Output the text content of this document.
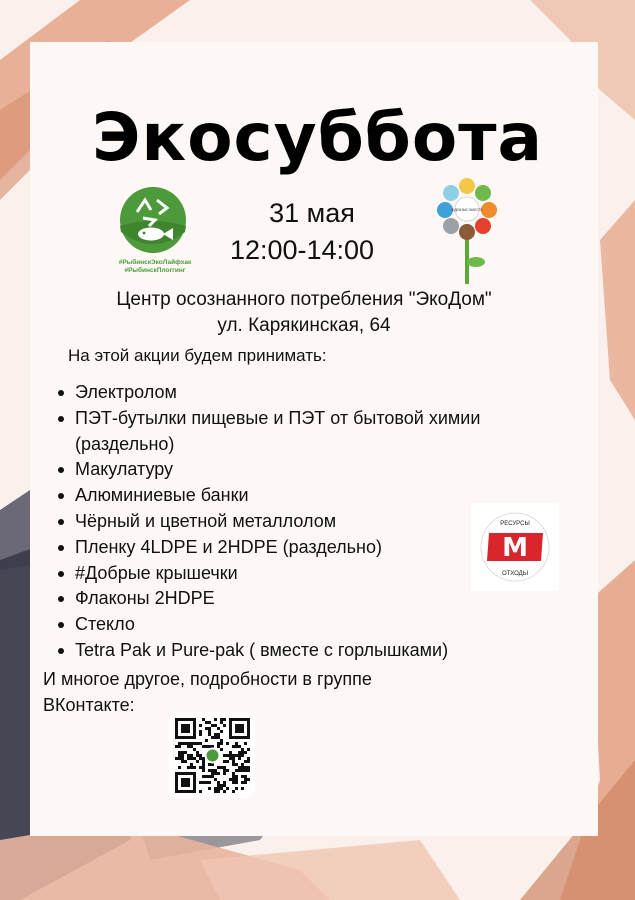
Экосуббота
#РыбинскЭкоЛайфхак
#РыбинскПлоггинг
31 мая
12:00-14:00
ЖДЕМ ВАС ВМЕСТЕ
Центр осознанного потребления "ЭкоДом"
ул. Карякинская, 64
На этой акции будем принимать:
Электролом
ПЭТ-бутылки пищевые и ПЭТ от бытовой химии (раздельно)
Макулатуру
Алюминиевые банки
Чёрный и цветной металлолом
Пленку 4LDPE и 2HDPE (раздельно)
#Добрые крышечки
Флаконы 2HDPE
Стекло
Tetra Pak и Pure-pak ( вместе с горлышками)
М
РЕСУРСЫ
ОТХОДЫ
И многое другое, подробности в группе ВКонтакте:
